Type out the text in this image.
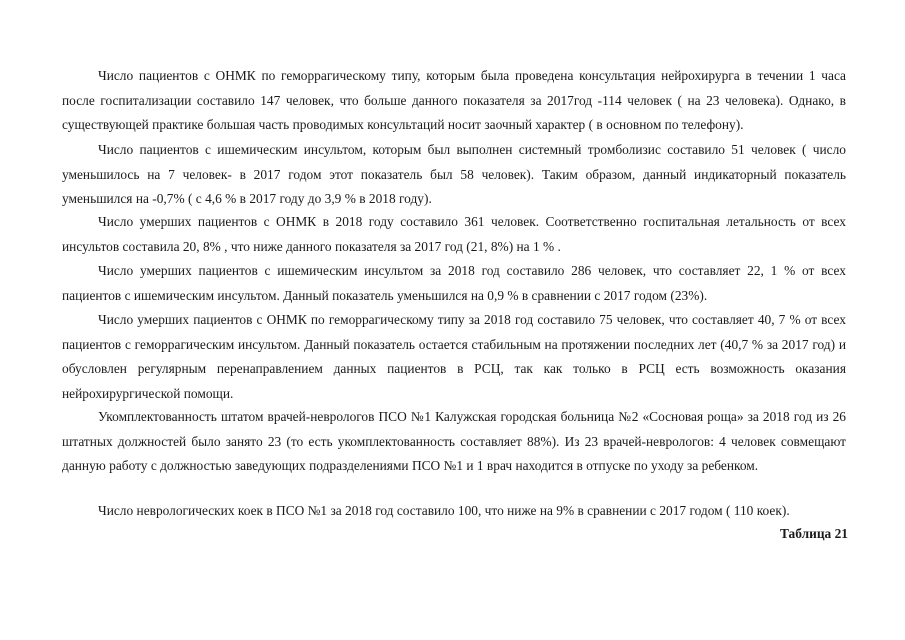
Число пациентов с ОНМК по геморрагическому типу, которым была проведена консультация нейрохирурга в течении 1 часа после госпитализации составило 147 человек, что больше данного показателя за 2017год -114 человек ( на 23 человека). Однако, в существующей практике большая часть проводимых консультаций носит заочный характер ( в основном по телефону).

Число пациентов с ишемическим инсультом, которым был выполнен системный тромболизис составило 51 человек ( число уменьшилось на 7 человек- в 2017 годом этот показатель был 58 человек). Таким образом, данный индикаторный показатель уменьшился на -0,7% ( с 4,6 % в 2017 году до 3,9 % в 2018 году).

Число умерших пациентов с ОНМК в 2018 году составило 361 человек. Соответственно госпитальная летальность от всех инсультов составила 20, 8% , что ниже данного показателя за 2017 год (21, 8%) на 1 % .

Число умерших пациентов с ишемическим инсультом за 2018 год составило 286 человек, что составляет 22, 1 % от всех пациентов с ишемическим инсультом. Данный показатель уменьшился на 0,9 % в сравнении с 2017 годом (23%).

Число умерших пациентов с ОНМК по геморрагическому типу за 2018 год составило 75 человек, что составляет 40, 7 % от всех пациентов с геморрагическим инсультом. Данный показатель остается стабильным на протяжении последних лет (40,7 % за 2017 год) и обусловлен регулярным перенаправлением данных пациентов в РСЦ, так как только в РСЦ есть возможность оказания нейрохирургической помощи.

Укомплектованность штатом врачей-неврологов ПСО №1 Калужская городская больница №2 «Сосновая роща» за 2018 год из 26 штатных должностей было занято 23 (то есть укомплектованность составляет 88%). Из 23 врачей-неврологов: 4 человек совмещают данную работу с должностью заведующих подразделениями ПСО №1 и 1 врач находится в отпуске по уходу за ребенком.

Число неврологических коек в ПСО №1 за 2018 год составило 100, что ниже на 9% в сравнении с 2017 годом ( 110 коек).

Таблица 21
